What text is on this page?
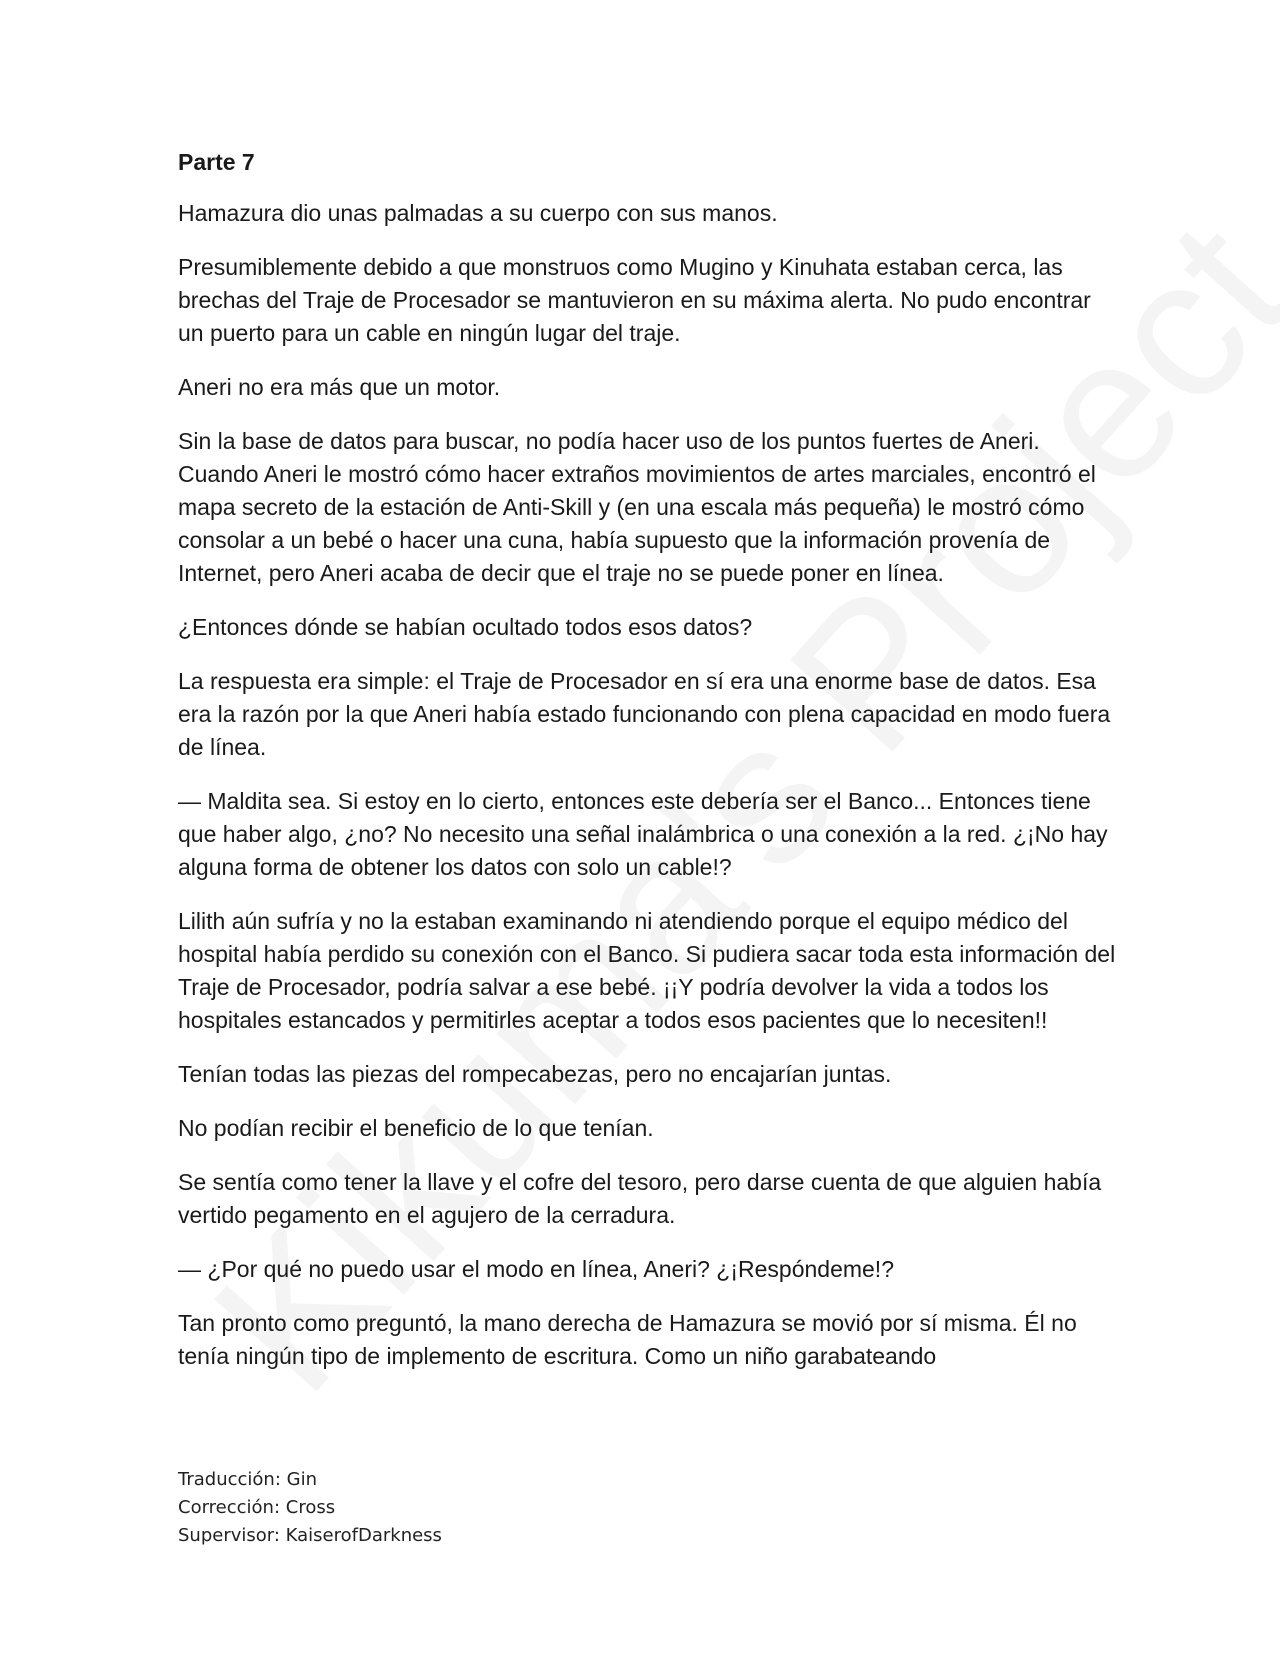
Parte 7

Hamazura dio unas palmadas a su cuerpo con sus manos.

Presumiblemente debido a que monstruos como Mugino y Kinuhata estaban cerca, las brechas del Traje de Procesador se mantuvieron en su máxima alerta. No pudo encontrar un puerto para un cable en ningún lugar del traje.

Aneri no era más que un motor.

Sin la base de datos para buscar, no podía hacer uso de los puntos fuertes de Aneri. Cuando Aneri le mostró cómo hacer extraños movimientos de artes marciales, encontró el mapa secreto de la estación de Anti-Skill y (en una escala más pequeña) le mostró cómo consolar a un bebé o hacer una cuna, había supuesto que la información provenía de Internet, pero Aneri acaba de decir que el traje no se puede poner en línea.

¿Entonces dónde se habían ocultado todos esos datos?

La respuesta era simple: el Traje de Procesador en sí era una enorme base de datos. Esa era la razón por la que Aneri había estado funcionando con plena capacidad en modo fuera de línea.

— Maldita sea. Si estoy en lo cierto, entonces este debería ser el Banco... Entonces tiene que haber algo, ¿no? No necesito una señal inalámbrica o una conexión a la red. ¿¡No hay alguna forma de obtener los datos con solo un cable!?

Lilith aún sufría y no la estaban examinando ni atendiendo porque el equipo médico del hospital había perdido su conexión con el Banco. Si pudiera sacar toda esta información del Traje de Procesador, podría salvar a ese bebé. ¡¡Y podría devolver la vida a todos los hospitales estancados y permitirles aceptar a todos esos pacientes que lo necesiten!!

Tenían todas las piezas del rompecabezas, pero no encajarían juntas.

No podían recibir el beneficio de lo que tenían.

Se sentía como tener la llave y el cofre del tesoro, pero darse cuenta de que alguien había vertido pegamento en el agujero de la cerradura.

— ¿Por qué no puedo usar el modo en línea, Aneri? ¿¡Respóndeme!?

Tan pronto como preguntó, la mano derecha de Hamazura se movió por sí misma. Él no tenía ningún tipo de implemento de escritura. Como un niño garabateando

Traducción: Gin
Corrección: Cross
Supervisor: KaiserofDarkness
